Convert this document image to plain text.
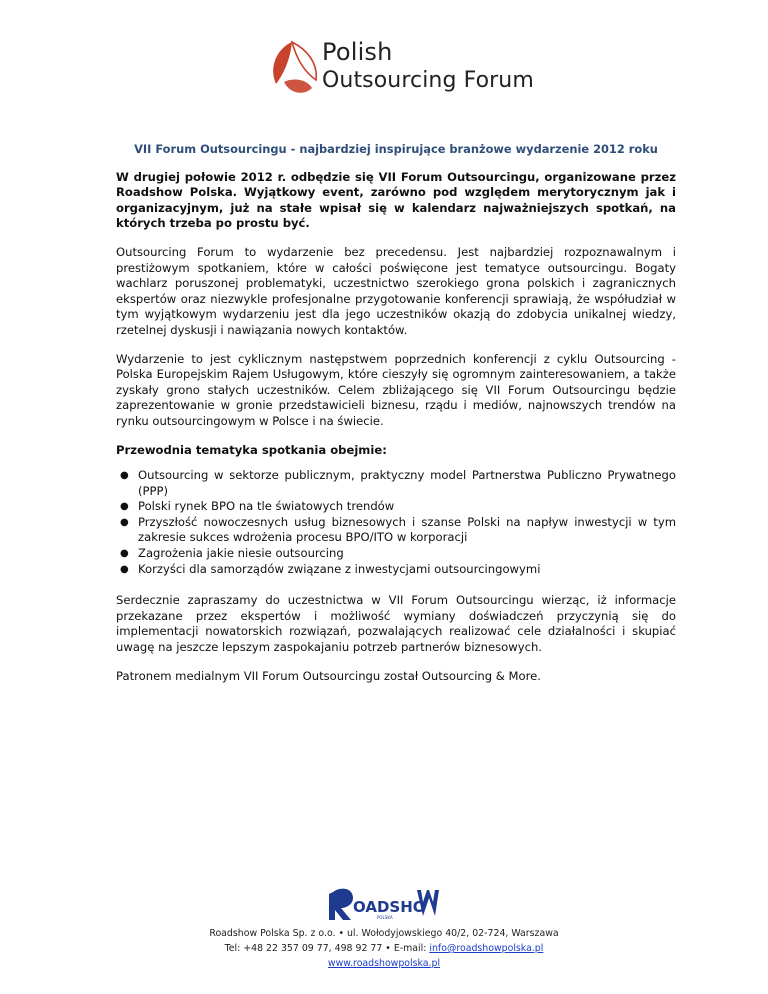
Polish
Outsourcing Forum
VII Forum Outsourcingu - najbardziej inspirujące branżowe wydarzenie 2012 roku

W drugiej połowie 2012 r. odbędzie się VII Forum Outsourcingu, organizowane przez Roadshow Polska. Wyjątkowy event, zarówno pod względem merytorycznym jak i organizacyjnym, już na stałe wpisał się w kalendarz najważniejszych spotkań, na których trzeba po prostu być.

Outsourcing Forum to wydarzenie bez precedensu. Jest najbardziej rozpoznawalnym i prestiżowym spotkaniem, które w całości poświęcone jest tematyce outsourcingu. Bogaty wachlarz poruszonej problematyki, uczestnictwo szerokiego grona polskich i zagranicznych ekspertów oraz niezwykle profesjonalne przygotowanie konferencji sprawiają, że współudział w tym wyjątkowym wydarzeniu jest dla jego uczestników okazją do zdobycia unikalnej wiedzy, rzetelnej dyskusji i nawiązania nowych kontaktów.

Wydarzenie to jest cyklicznym następstwem poprzednich konferencji z cyklu Outsourcing - Polska Europejskim Rajem Usługowym, które cieszyły się ogromnym zainteresowaniem, a także zyskały grono stałych uczestników. Celem zbliżającego się VII Forum Outsourcingu będzie zaprezentowanie w gronie przedstawicieli biznesu, rządu i mediów, najnowszych trendów na rynku outsourcingowym w Polsce i na świecie.

Przewodnia tematyka spotkania obejmie:

● Outsourcing w sektorze publicznym, praktyczny model Partnerstwa Publiczno Prywatnego (PPP)
● Polski rynek BPO na tle światowych trendów
● Przyszłość nowoczesnych usług biznesowych i szanse Polski na napływ inwestycji w tym zakresie sukces wdrożenia procesu BPO/ITO w korporacji
● Zagrożenia jakie niesie outsourcing
● Korzyści dla samorządów związane z inwestycjami outsourcingowymi

Serdecznie zapraszamy do uczestnictwa w VII Forum Outsourcingu wierząc, iż informacje przekazane przez ekspertów i możliwość wymiany doświadczeń przyczynią się do implementacji nowatorskich rozwiązań, pozwalających realizować cele działalności i skupiać uwagę na jeszcze lepszym zaspokajaniu potrzeb partnerów biznesowych.

Patronem medialnym VII Forum Outsourcingu został Outsourcing & More.

OADSHO
POLSKA
Roadshow Polska Sp. z o.o. • ul. Wołodyjowskiego 40/2, 02-724, Warszawa
Tel: +48 22 357 09 77, 498 92 77 • E-mail: info@roadshowpolska.pl
www.roadshowpolska.pl
